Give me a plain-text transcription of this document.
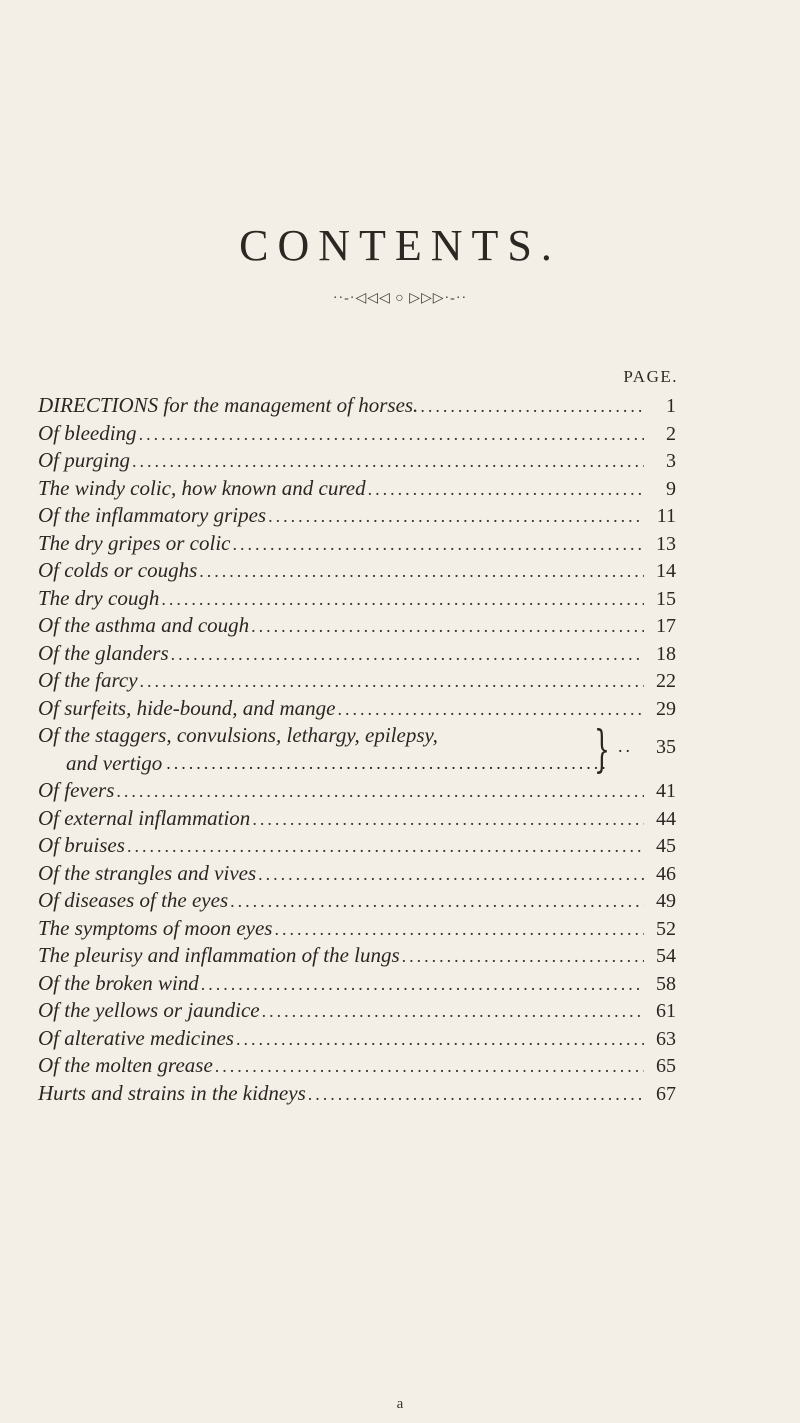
CONTENTS.
··-·◁◁◁ ○ ▷▷▷·-··
PAGE.
DIRECTIONS for the management of horses. .....	1
Of bleeding .....	2
Of purging .....	3
The windy colic, how known and cured .....	9
Of the inflammatory gripes .....	11
The dry gripes or colic .....	13
Of colds or coughs .....	14
The dry cough .....	15
Of the asthma and cough .....	17
Of the glanders .....	18
Of the farcy .....	22
Of surfeits, hide-bound, and mange .....	29
Of the staggers, convulsions, lethargy, epilepsy,
and vertigo .....	} ..	35
Of fevers .....	41
Of external inflammation .....	44
Of bruises .....	45
Of the strangles and vives .....	46
Of diseases of the eyes .....	49
The symptoms of moon eyes .....	52
The pleurisy and inflammation of the lungs .....	54
Of the broken wind .....	58
Of the yellows or jaundice .....	61
Of alterative medicines .....	63
Of the molten grease .....	65
Hurts and strains in the kidneys .....	67
a
